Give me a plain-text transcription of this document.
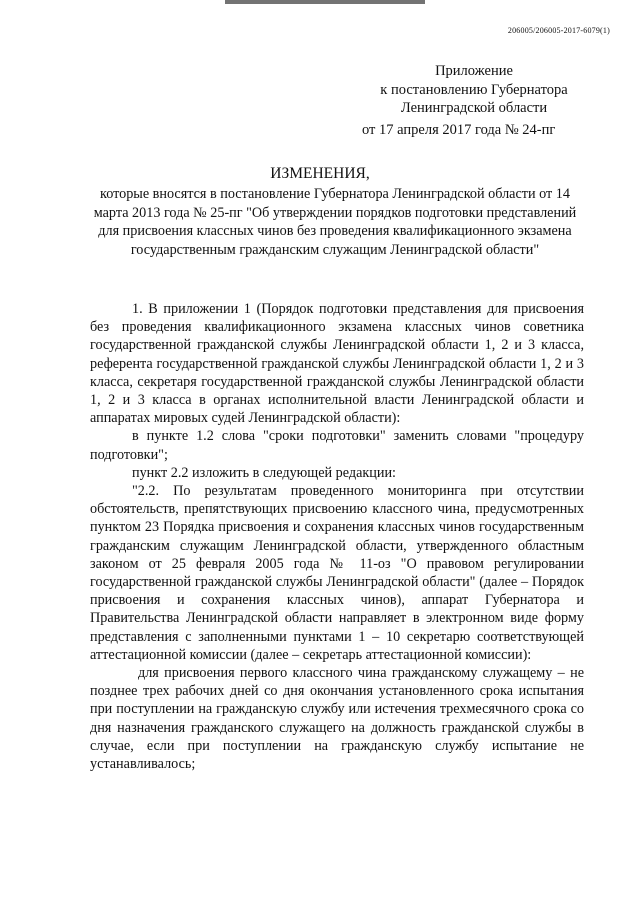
206005/206005-2017-6079(1)
Приложение
к постановлению Губернатора
Ленинградской области
от 17 апреля 2017 года № 24-пг
ИЗМЕНЕНИЯ,
которые вносятся в постановление Губернатора Ленинградской области от 14 марта 2013 года № 25-пг "Об утверждении порядков подготовки представлений для присвоения классных чинов без проведения квалификационного экзамена государственным гражданским служащим Ленинградской области"

1. В приложении 1 (Порядок подготовки представления для присвоения без проведения квалификационного экзамена классных чинов советника государственной гражданской службы Ленинградской области 1, 2 и 3 класса, референта государственной гражданской службы Ленинградской области 1, 2 и 3 класса, секретаря государственной гражданской службы Ленинградской области 1, 2 и 3 класса в органах исполнительной власти Ленинградской области и аппаратах мировых судей Ленинградской области):

в пункте 1.2 слова "сроки подготовки" заменить словами "процедуру подготовки";

пункт 2.2 изложить в следующей редакции:

"2.2. По результатам проведенного мониторинга при отсутствии обстоятельств, препятствующих присвоению классного чина, предусмотренных пунктом 23 Порядка присвоения и сохранения классных чинов государственным гражданским служащим Ленинградской области, утвержденного областным законом от 25 февраля 2005 года № 11-оз "О правовом регулировании государственной гражданской службы Ленинградской области" (далее – Порядок присвоения и сохранения классных чинов), аппарат Губернатора и Правительства Ленинградской области направляет в электронном виде форму представления с заполненными пунктами 1 – 10 секретарю соответствующей аттестационной комиссии (далее – секретарь аттестационной комиссии):

для присвоения первого классного чина гражданскому служащему – не позднее трех рабочих дней со дня окончания установленного срока испытания при поступлении на гражданскую службу или истечения трехмесячного срока со дня назначения гражданского служащего на должность гражданской службы в случае, если при поступлении на гражданскую службу испытание не устанавливалось;
